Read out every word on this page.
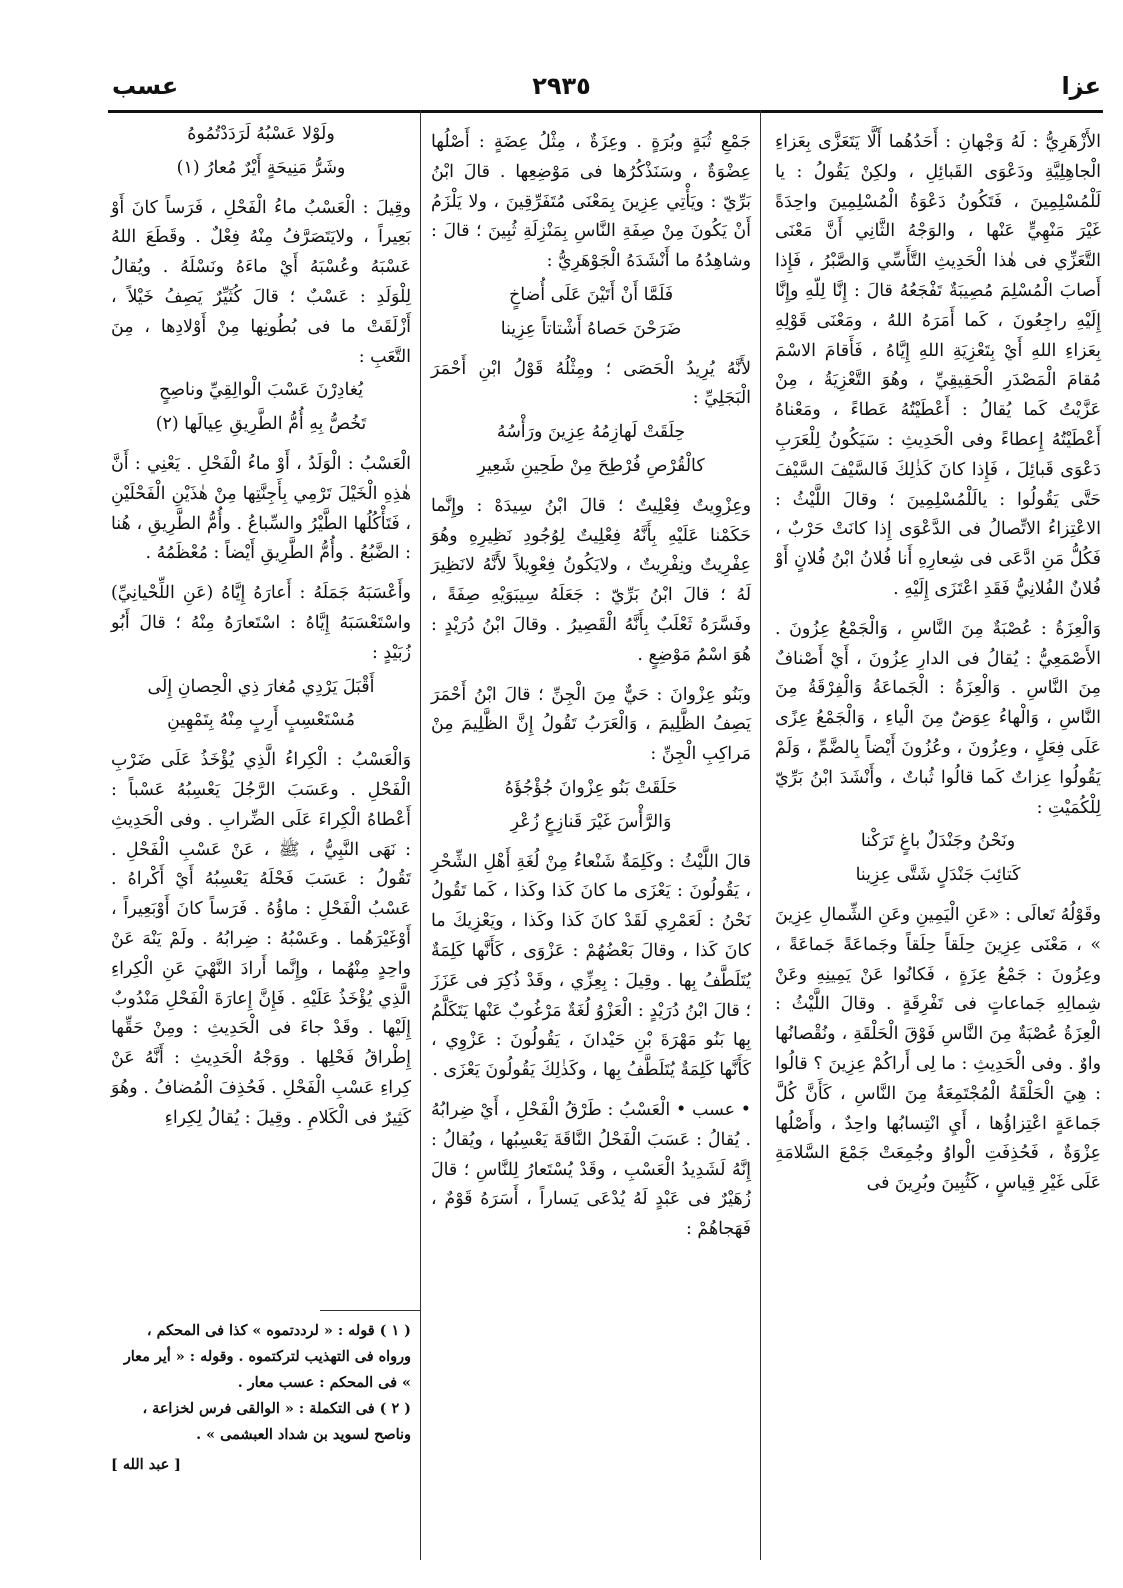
عزا
٢٩٣٥
عسب

الأَزْهَرِيُّ : لَهُ وَجْهانِ : أَحَدُهُما أَلَّا يَتَعَزَّى بِعَزاءِ الْجاهِلِيَّةِ ودَعْوَى القَبائِلِ ، ولكِنْ يَقُولُ : يا لَلْمُسْلِمِينَ ، فَتَكُونُ دَعْوَةُ الْمُسْلِمِينَ واحِدَةً غَيْرَ مَنْهِيٍّ عَنْها ، والوَجْهُ الثَّانِي أَنَّ مَعْنَى التَّعَزِّي فى هٰذا الْحَدِيثِ التَّأَسِّي وَالصَّبْرُ ، فَإِذا أَصابَ الْمُسْلِمَ مُصِيبَةٌ تَفْجَعُهُ قالَ : إِنَّا لِلّهِ وإِنَّا إِلَيْهِ راجِعُونَ ، كَما أَمَرَهُ اللهُ ، ومَعْنَى قَوْلِهِ بِعَزاءِ اللهِ أَيْ بِتَعْزِيَةِ اللهِ إِيَّاهُ ، فَأَقامَ الاسْمَ مُقامَ الْمَصْدَرِ الْحَقِيقِيِّ ، وهُوَ التَّعْزِيَةُ ، مِنْ عَزَّيْتُ كَما يُقالُ : أَعْطَيْتُهُ عَطاءً ، ومَعْناهُ أَعْطَيْتُهُ إِعطاءً وفى الْحَدِيثِ : سَيَكُونُ لِلْعَرَبِ دَعْوَى قَبائِلَ ، فَإِذا كانَ كَذٰلِكَ فَالسَّيْفَ السَّيْفَ حَتَّى يَقُولُوا : يالَلْمُسْلِمِينَ ؛ وقالَ اللَّيْثُ : الاعْتِزاءُ الاتِّصالُ فى الدَّعْوَى إِذا كانَتْ حَرْبٌ ، فَكُلُّ مَنِ ادَّعَى فى شِعارِهِ أَنا فُلانُ ابْنُ فُلانٍ أَوْ فُلانٌ الفُلانِيُّ فَقَدِ اعْتَزَى إِلَيْهِ .

وَالْعِزَةُ : عُصْبَةٌ مِنَ النَّاسِ ، وَالْجَمْعُ عِزُونَ . الأَصْمَعِيُّ : يُقالُ فى الدارِ عِزُونَ ، أَيْ أَصْنافٌ مِنَ النَّاسِ . وَالْعِزَةُ : الْجَماعَةُ وَالْفِرْقَةُ مِنَ النَّاسِ ، وَالْهاءُ عِوَضٌ مِنَ الْياءِ ، وَالْجَمْعُ عِزًى عَلَى فِعَلٍ ، وعِزُونَ ، وعُزُونَ أَيْضاً بِالضَّمِّ ، وَلَمْ يَقُولُوا عِزاتٌ كَما قالُوا ثُباتٌ ، وأَنْشَدَ ابْنُ بَرِّيّ لِلْكُمَيْتِ :

ونَحْنُ وجَنْدَلٌ باغٍ تَرَكْنا

كَتائِبَ جَنْدَلٍ شَتَّى عِزِينا

وقَوْلُهُ تَعالَى : «عَنِ الْيَمِينِ وعَنِ الشِّمالِ عِزِينَ » ، مَعْنَى عِزِينَ حِلَقاً حِلَقاً وجَماعَةً جَماعَةً ، وعِزُونَ : جَمْعُ عِزَةٍ ، فَكانُوا عَنْ يَمِينِهِ وعَنْ شِمالِهِ جَماعاتٍ فى تَفْرِقَةٍ . وقالَ اللَّيْثُ : الْعِزَةُ عُصْبَةٌ مِنَ النَّاسِ فَوْقَ الْحَلْقَةِ ، ونُقْصانُها واوٌ . وفى الْحَدِيثِ : ما لِى أَراكُمْ عِزِينَ ؟ قالُوا : هِيَ الْحَلْقَةُ الْمُجْتَمِعَةُ مِنَ النَّاسِ ، كَأَنَّ كُلَّ جَماعَةٍ اعْتِزاؤُها ، أَيِ انْتِسابُها واحِدٌ ، وأَصْلُها عِزْوَةٌ ، فَحُذِفَتِ الْواوُ وجُمِعَتْ جَمْعَ السَّلامَةِ عَلَى غَيْرِ قِياسٍ ، كَثُبِينَ وبُرِينَ فى

جَمْعِ ثُبَةٍ وبُرَةٍ . وعِزَةٌ ، مِثْلُ عِضَةٍ : أَصْلُها عِضْوَةٌ ، وسَنَذْكُرُها فى مَوْضِعِها . قالَ ابْنُ بَرِّيّ : ويَأْتِي عِزِينَ بِمَعْنَى مُتَفَرِّقِينَ ، ولا يَلْزَمُ أَنْ يَكُونَ مِنْ صِفَةِ النَّاسِ بِمَنْزِلَةِ ثُبِينَ ؛ قالَ : وشاهِدُهُ ما أَنْشَدَهُ الْجَوْهَرِيُّ :

فَلَمَّا أَنْ أَتَيْنَ عَلَى أُضاخٍ

ضَرَحْنَ حَصاهُ أَشْتاتاً عِزِينا

لأَنَّهُ يُرِيدُ الْحَصَى ؛ ومِثْلُهُ قَوْلُ ابْنِ أَحْمَرَ الْبَجَلِيِّ :

حِلَقَتْ لَهازِمُهُ عِزِينَ ورَأْسُهُ

كالْقُرْصِ فُرْطِحَ مِنْ طَحِينِ شَعِيرِ

وعِزْوِيتٌ فِعْلِيتٌ ؛ قالَ ابْنُ سِيدَهْ : وإِنَّما حَكَمْنا عَلَيْهِ بِأَنَّهُ فِعْلِيتٌ لِوُجُودِ نَظِيرِهِ وهُوَ عِفْرِيتٌ ونِفْرِيتٌ ، ولايَكُونُ فِعْوِيلاً لأَنَّهُ لانَظِيرَ لَهُ ؛ قالَ ابْنُ بَرِّيّ : جَعَلَهُ سِيبَوَيْهِ صِفَةً ، وفَسَّرَهُ ثَعْلَبٌ بِأَنَّهُ الْقَصِيرُ . وقالَ ابْنُ دُرَيْدٍ : هُوَ اسْمُ مَوْضِعٍ .

وبَنُو عِزْوانَ : حَيٌّ مِنَ الْجِنِّ ؛ قالَ ابْنُ أَحْمَرَ يَصِفُ الظَّلِيمَ ، وَالْعَرَبُ تَقُولُ إِنَّ الظَّلِيمَ مِنْ مَراكِبِ الْجِنِّ :

حَلَقَتْ بَنُو عِزْوانَ جُؤْجُؤَهُ

وَالرَّأْسَ غَيْرَ قَنازِعٍ زُعْرِ

قالَ اللَّيْثُ : وكَلِمَةٌ شَنْعاءُ مِنْ لُغَةِ أَهْلِ الشِّحْرِ ، يَقُولُونَ : يَعْزَى ما كانَ كَذا وكَذا ، كَما تَقُولُ نَحْنُ : لَعَمْرِي لَقَدْ كانَ كَذا وكَذا ، ويَعْزِيكَ ما كانَ كَذا ، وقالَ بَعْضُهُمْ : عَزْوَى ، كَأَنَّها كَلِمَةٌ يُتَلَطَّفُ بِها . وقِيلَ : بِعِزِّي ، وقَدْ ذُكِرَ فى عَزَزَ ؛ قالَ ابْنُ دُرَيْدٍ : الْعَزْوُ لُغَةٌ مَرْغُوبٌ عَنْها يَتَكَلَّمُ بِها بَنُو مَهْرَةَ بْنِ حَيْدانَ ، يَقُولُونَ : عَزْوِي ، كَأَنَّها كَلِمَةٌ يُتَلَطَّفُ بِها ، وكَذٰلِكَ يَقُولُونَ يَعْزَى .

• عسب • الْعَسْبُ : طَرْقُ الْفَحْلِ ، أَيْ ضِرابُهُ . يُقالُ : عَسَبَ الْفَحْلُ النَّاقَةَ يَعْسِبُها ، ويُقالُ : إِنَّهُ لَشَدِيدُ الْعَسْبِ ، وقَدْ يُسْتَعارُ لِلنَّاسِ ؛ قالَ زُهَيْرٌ فى عَبْدٍ لَهُ يُدْعَى يَساراً ، أَسَرَهُ قَوْمٌ ، فَهَجاهُمْ :

ولَوْلا عَسْبُهُ لَرَدَدْتُمُوهُ

وشَرُّ مَنِيحَةٍ أَيْرٌ مُعارُ (١)

وقِيلَ : الْعَسْبُ ماءُ الْفَحْلِ ، فَرَساً كانَ أَوْ بَعِيراً ، ولايَتَصَرَّفُ مِنْهُ فِعْلٌ . وقَطَعَ اللهُ عَسْبَهُ وعُسْبَهُ أَيْ ماءَهُ ونَسْلَهُ . ويُقالُ لِلْوَلَدِ : عَسْبٌ ؛ قالَ كُثَيِّرٌ يَصِفُ خَيْلاً ، أَزْلَقَتْ ما فى بُطُونِها مِنْ أَوْلادِها ، مِنَ التَّعَبِ :

يُغادِرْنَ عَسْبَ الْوالِقِيِّ وناصِحٍ

تَخُصُّ بِهِ أُمُّ الطَّرِيقِ عِيالَها (٢)

الْعَسْبُ : الْوَلَدُ ، أَوْ ماءُ الْفَحْلِ . يَعْنِي : أَنَّ هٰذِهِ الْخَيْلَ تَرْمِي بِأَجِنَّتِها مِنْ هٰذَيْنِ الْفَحْلَيْنِ ، فَتَأْكُلُها الطَّيْرُ والسِّباعُ . وأُمُّ الطَّرِيقِ ، هُنا : الضَّبُعُ . وأُمُّ الطَّرِيقِ أَيْضاً : مُعْظَمُهُ .

وأَعْسَبَهُ جَمَلَهُ : أَعارَهُ إِيَّاهُ (عَنِ اللِّحْيانِيِّ) واسْتَعْسَبَهُ إِيَّاهُ : اسْتَعارَهُ مِنْهُ ؛ قالَ أَبُو زُبَيْدٍ :

أَقْبَلَ يَرْدِي مُغارَ ذِي الْحِصانِ إِلَى

مُسْتَعْسِبٍ أَرِبٍ مِنْهُ بِتَمْهِينِ

وَالْعَسْبُ : الْكِراءُ الَّذِي يُؤْخَذُ عَلَى ضَرْبِ الْفَحْلِ . وعَسَبَ الرَّجُلَ يَعْسِبُهُ عَسْباً : أَعْطاهُ الْكِراءَ عَلَى الضِّرابِ . وفى الْحَدِيثِ : نَهَى النَّبِيُّ ، ﷺ ، عَنْ عَسْبِ الْفَحْلِ . تَقُولُ : عَسَبَ فَحْلَهُ يَعْسِبُهُ أَيْ أَكْراهُ . عَسْبُ الْفَحْلِ : ماؤُهُ . فَرَساً كانَ أَوْبَعِيراً ، أَوْغَيْرَهُما . وعَسْبُهُ : ضِرابُهُ . ولَمْ يَنْهَ عَنْ واحِدٍ مِنْهُما ، وإِنَّما أَرادَ النَّهْيَ عَنِ الْكِراءِ الَّذِي يُؤْخَذُ عَلَيْهِ . فَإِنَّ إِعارَةَ الْفَحْلِ مَنْدُوبٌ إِلَيْها . وقَدْ جاءَ فى الْحَدِيثِ : ومِنْ حَقِّها إِطْراقُ فَحْلِها . ووَجْهُ الْحَدِيثِ : أَنَّهُ عَنْ كِراءِ عَسْبِ الْفَحْلِ . فَحُذِفَ الْمُضافُ . وهُوَ كَثِيرٌ فى الْكَلامِ . وقِيلَ : يُقالُ لِكِراءِ

( ١ ) قوله : « لرددتموه » كذا فى المحكم ، ورواه فى التهذيب لتركتموه . وقوله : « أير معار » فى المحكم : عسب معار .

( ٢ ) فى التكملة : « الوالقى فرس لخزاعة ، وناصح لسويد بن شداد العبشمى » .

[ عبد الله ]
